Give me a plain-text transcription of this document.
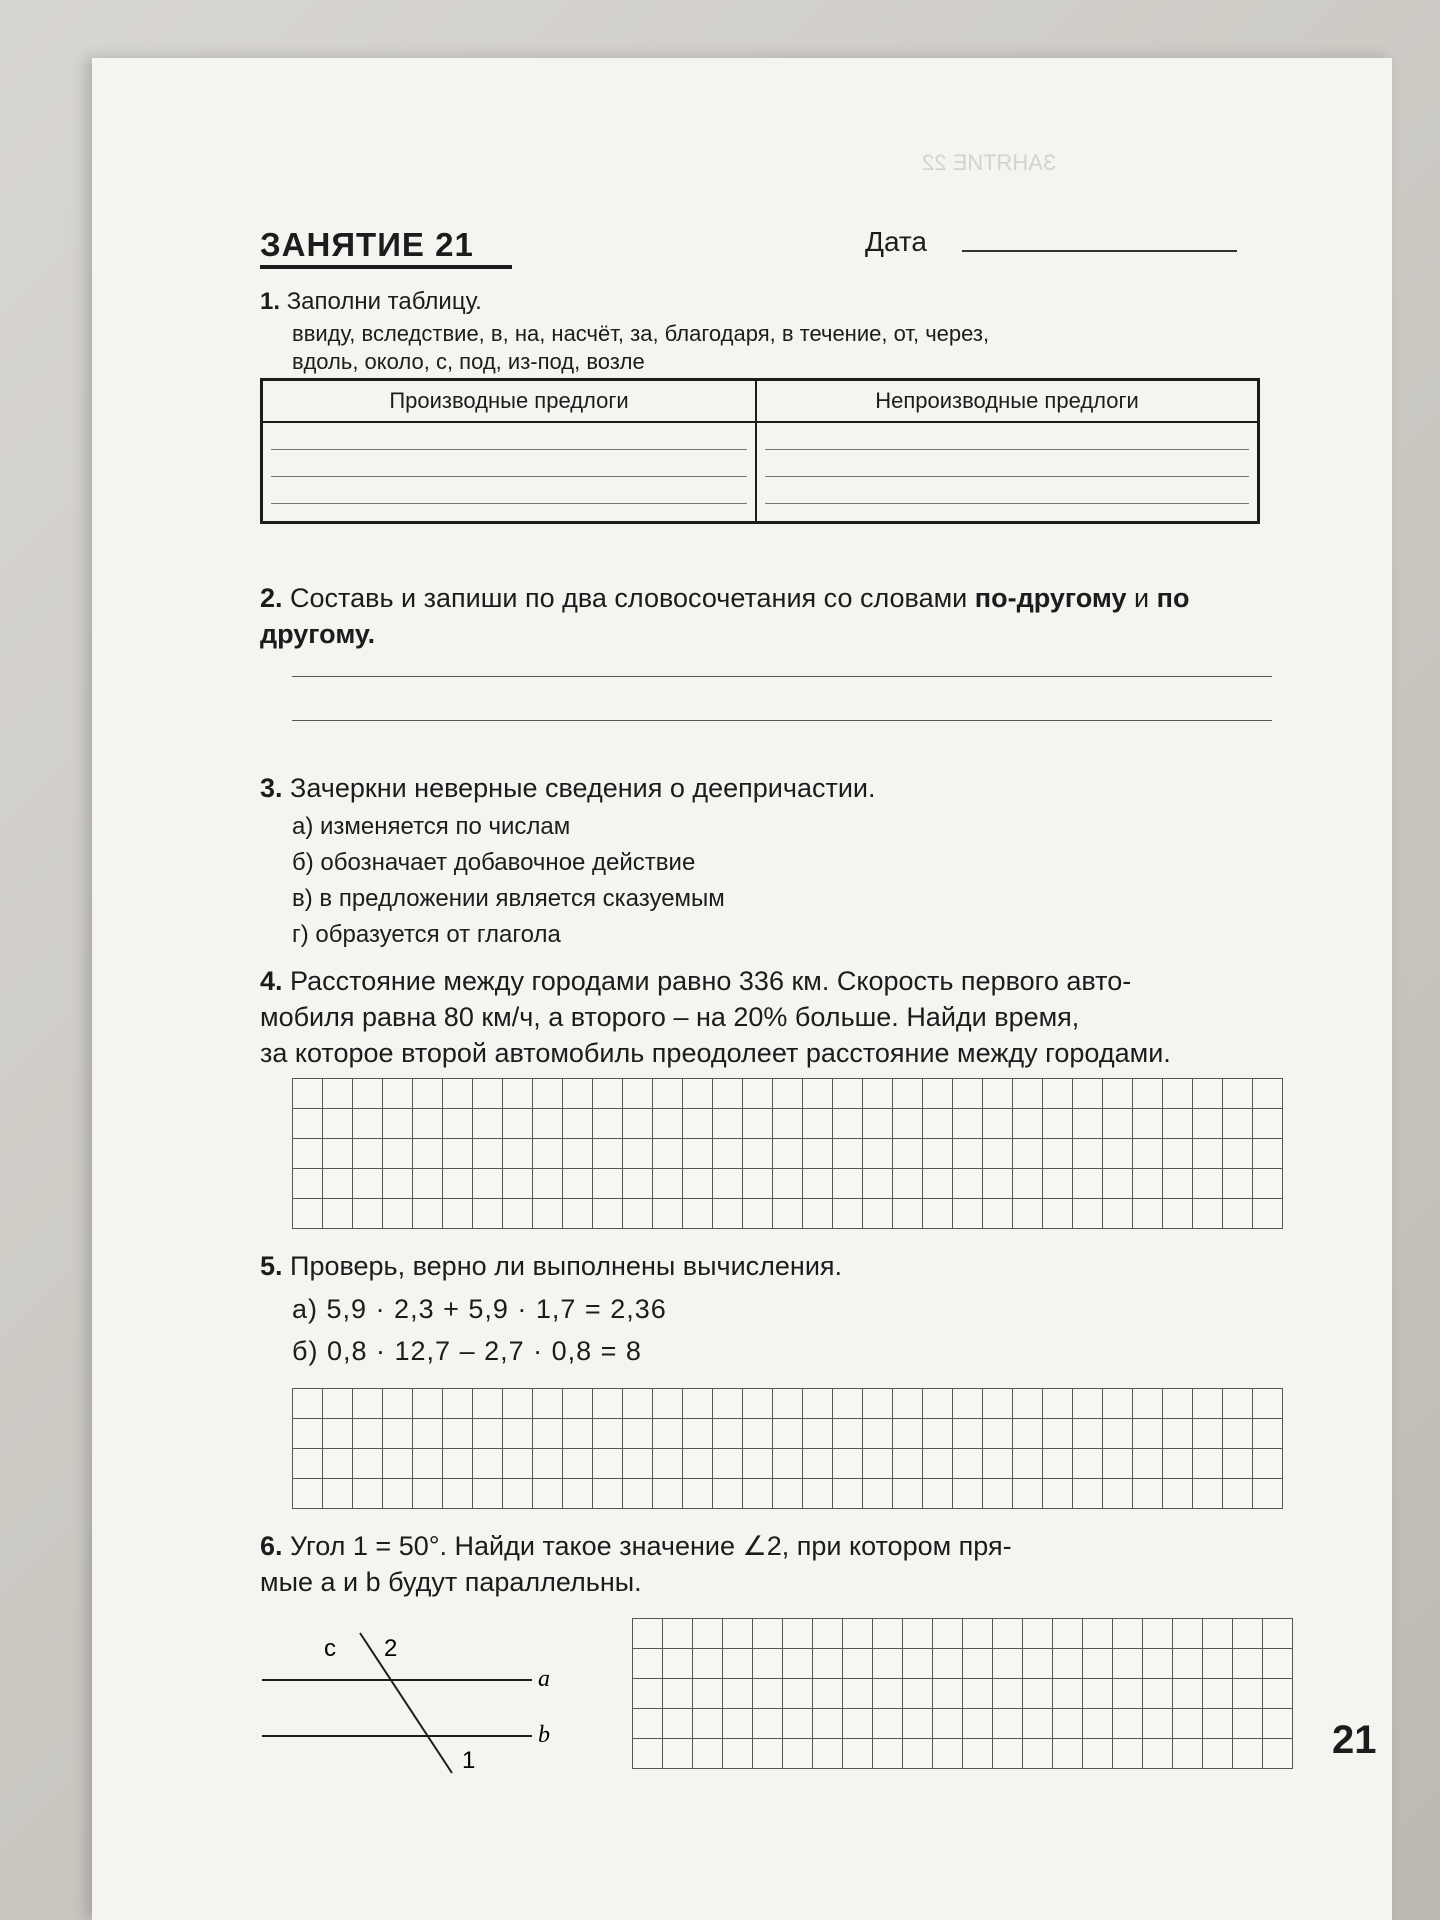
ЗАНЯТИЕ 22
ЗАНЯТИЕ 21	Дата
1. Заполни таблицу.
ввиду, вследствие, в, на, насчёт, за, благодаря, в течение, от, через,
вдоль, около, с, под, из-под, возле
Производные предлоги	Непроизводные предлоги

2. Составь и запиши по два словосочетания со словами по-другому и по другому.
3. Зачеркни неверные сведения о деепричастии.
а) изменяется по числам
б) обозначает добавочное действие
в) в предложении является сказуемым
г) образуется от глагола
4. Расстояние между городами равно 336 км. Скорость первого авто-
мобиля равна 80 км/ч, а второго – на 20% больше. Найди время,
за которое второй автомобиль преодолеет расстояние между городами.
5. Проверь, верно ли выполнены вычисления.
а) 5,9 · 2,3 + 5,9 · 1,7 = 2,36
б) 0,8 · 12,7 – 2,7 · 0,8 = 8
6. Угол 1 = 50°. Найди такое значение ∠2, при котором пря-
мые a и b будут параллельны.
c 2
a
b
1	21
